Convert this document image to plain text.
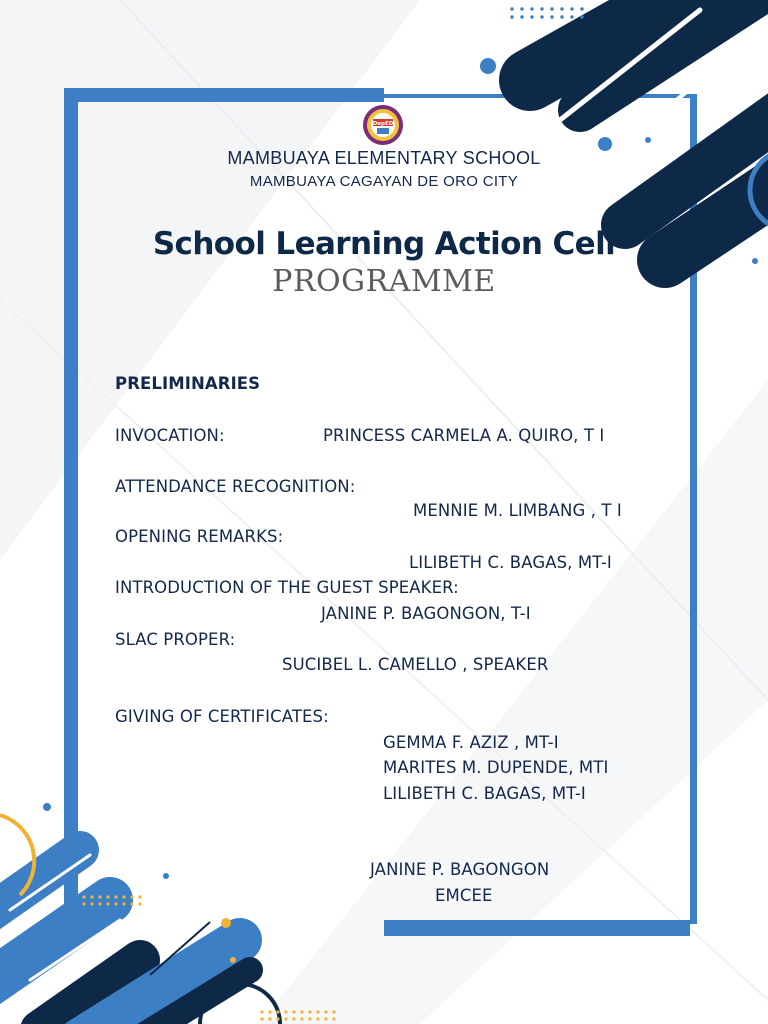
DepED
MAMBUAYA ELEMENTARY SCHOOL
MAMBUAYA CAGAYAN DE ORO CITY
School Learning Action Cell
PROGRAMME
PRELIMINARIES
INVOCATION:	PRINCESS CARMELA A. QUIRO, T I
ATTENDANCE RECOGNITION:
MENNIE M. LIMBANG , T I
OPENING REMARKS:
LILIBETH C. BAGAS, MT-I
INTRODUCTION OF THE GUEST SPEAKER:
JANINE P. BAGONGON, T-I
SLAC PROPER:
SUCIBEL L. CAMELLO , SPEAKER
GIVING OF CERTIFICATES:
GEMMA F. AZIZ , MT-I
MARITES M. DUPENDE, MTI
LILIBETH C. BAGAS, MT-I
JANINE P. BAGONGON
EMCEE
